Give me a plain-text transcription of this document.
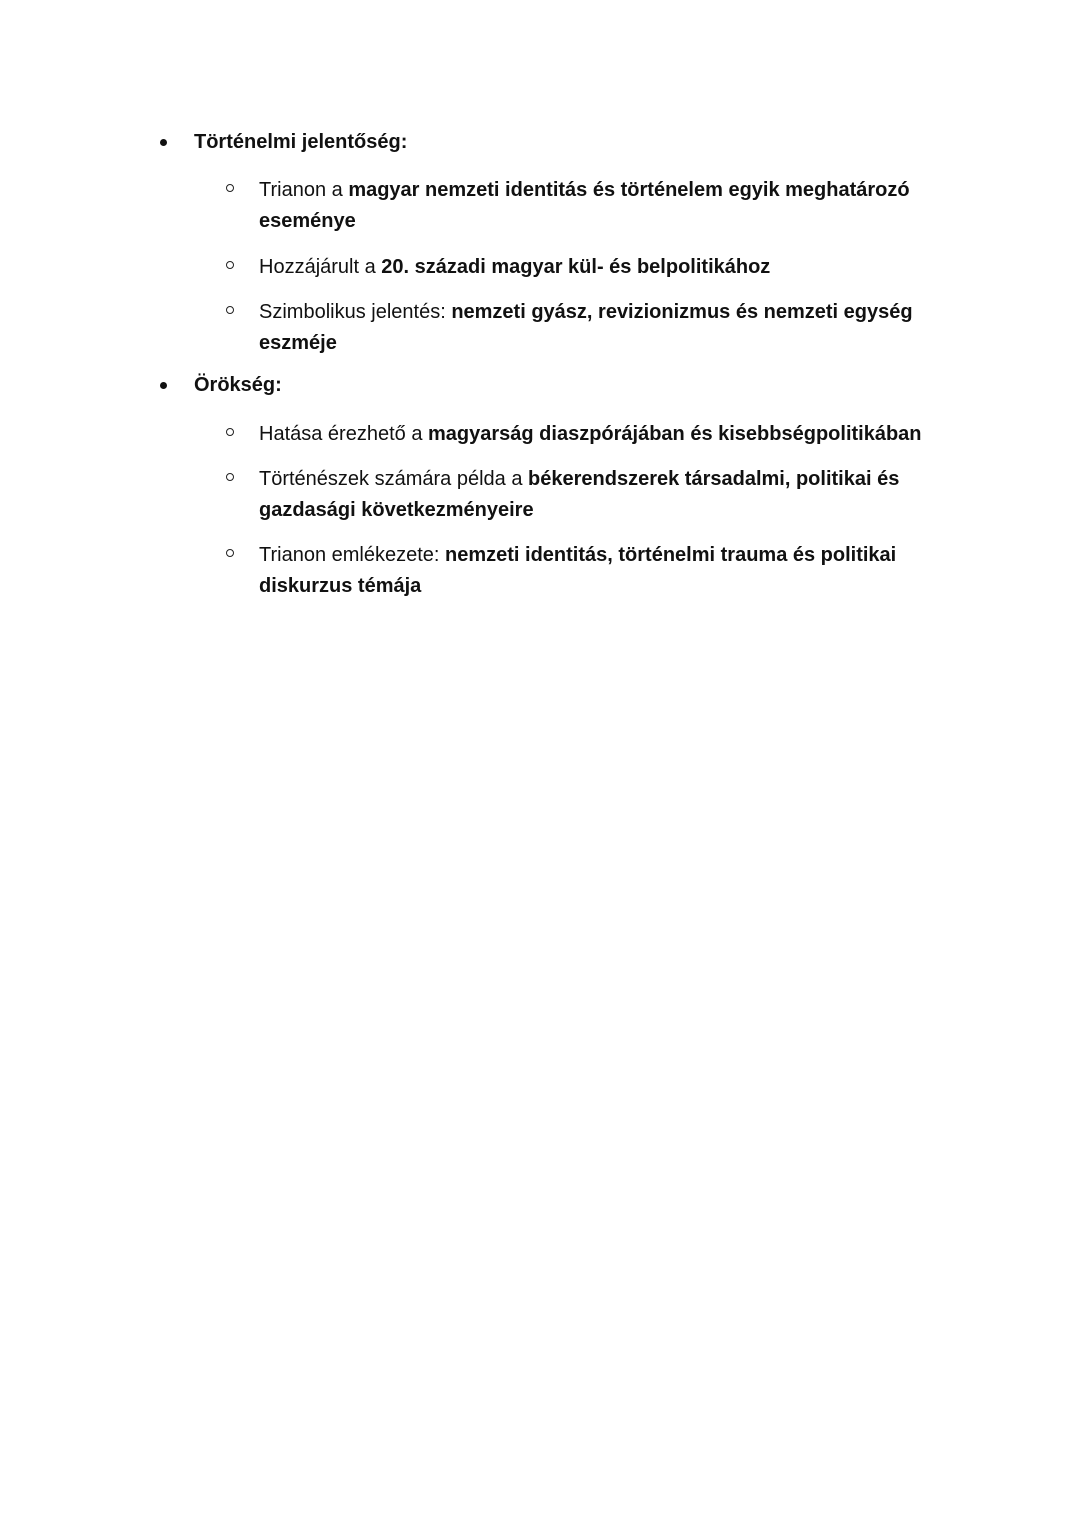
Történelmi jelentőség:
Trianon a magyar nemzeti identitás és történelem egyik meghatározó eseménye
Hozzájárult a 20. századi magyar kül- és belpolitikához
Szimbolikus jelentés: nemzeti gyász, revizionizmus és nemzeti egység eszméje
Örökség:
Hatása érezhető a magyarság diaszpórájában és kisebbségpolitikában
Történészek számára példa a békerendszerek társadalmi, politikai és gazdasági következményeire
Trianon emlékezete: nemzeti identitás, történelmi trauma és politikai diskurzus témája
